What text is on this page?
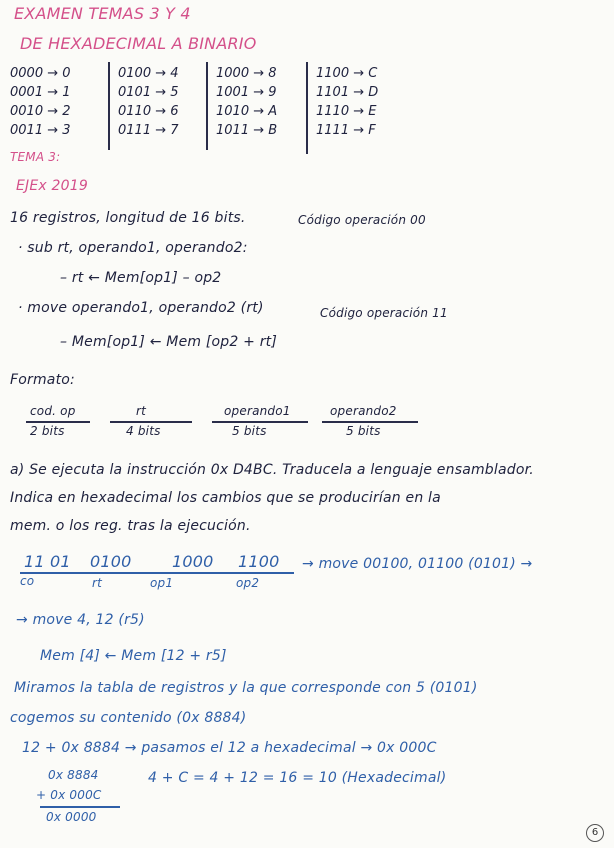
EXAMEN TEMAS 3 Y 4
DE HEXADECIMAL A BINARIO
0000 → 0
0001 → 1
0010 → 2
0011 → 3
0100 → 4
0101 → 5
0110 → 6
0111 → 7
1000 → 8
1001 → 9
1010 → A
1011 → B
1100 → C
1101 → D
1110 → E
1111 → F
TEMA 3:
EJEx 2019
16 registros, longitud de 16 bits.	Código operación 00
· sub rt, operando1, operando2:
– rt ← Mem[op1] – op2
· move operando1, operando2 (rt)	Código operación 11
– Mem[op1] ← Mem [op2 + rt]
Formato:
cod. op
2 bits
rt
4 bits
operando1
5 bits
operando2
5 bits
a) Se ejecuta la instrucción 0x D4BC. Traducela a lenguaje ensamblador.
Indica en hexadecimal los cambios que se producirían en la
mem. o los reg. tras la ejecución.
11 01 0100	1000 1100
co	rt	op1	op2
→ move 00100, 01100 (0101) →
→ move 4, 12 (r5)
Mem [4] ← Mem [12 + r5]
Miramos la tabla de registros y la que corresponde con 5 (0101)
cogemos su contenido (0x 8884)
12 + 0x 8884 → pasamos el 12 a hexadecimal → 0x 000C
0x 8884
+ 0x 000C
0x 0000
4 + C = 4 + 12 = 16 = 10 (Hexadecimal)
6
